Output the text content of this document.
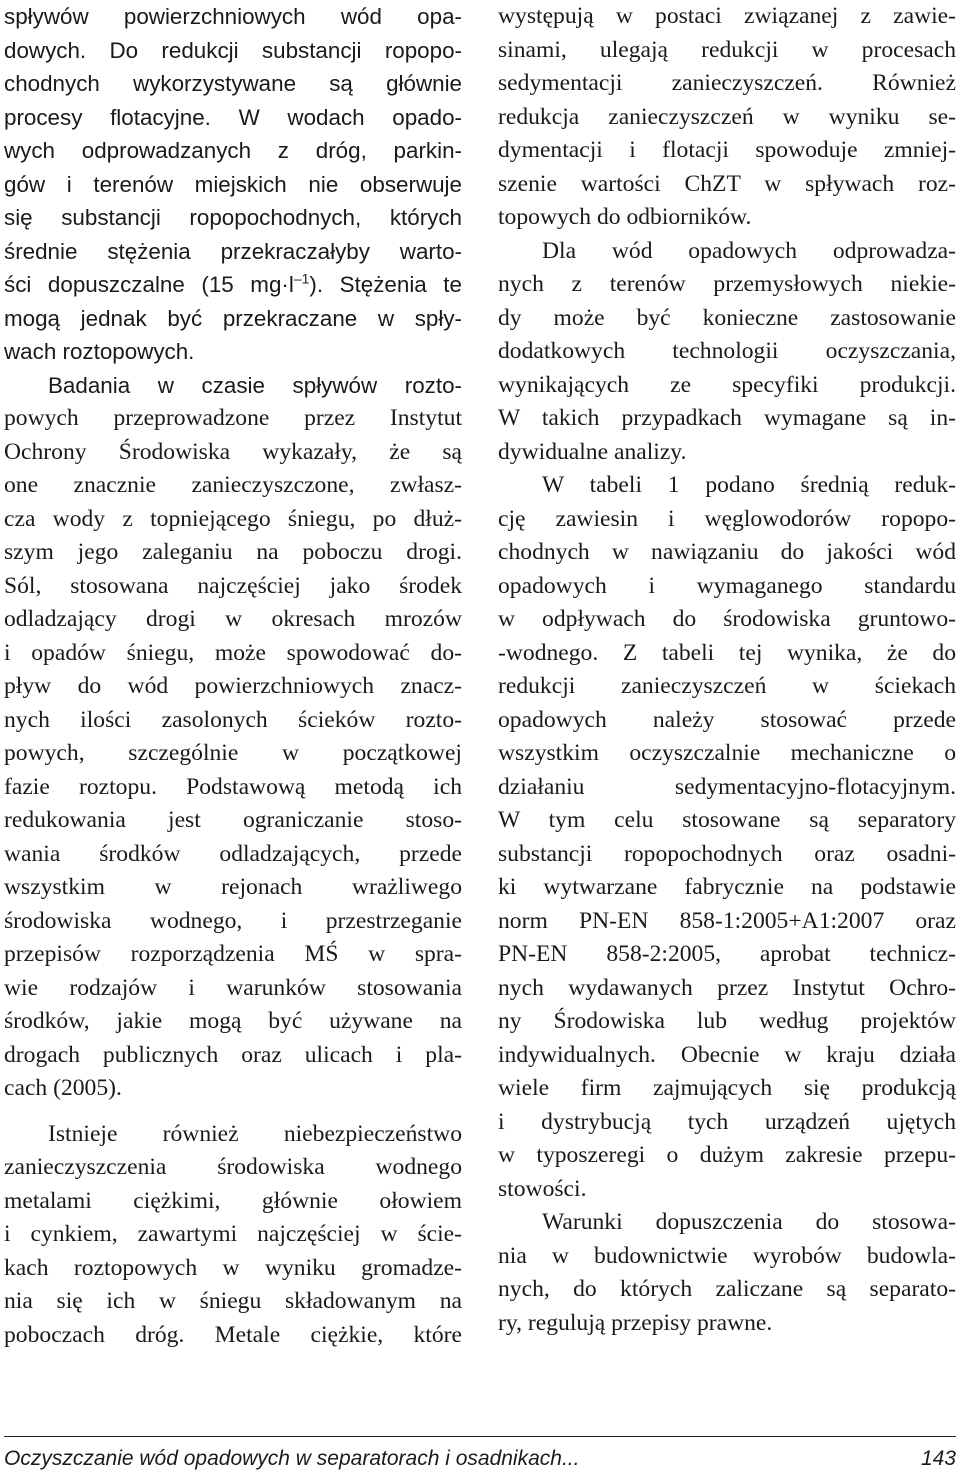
spływów powierzchniowych wód opa-
dowych. Do redukcji substancji ropopo-
chodnych wykorzystywane są głównie
procesy flotacyjne. W wodach opado-
wych odprowadzanych z dróg, parkin-
gów i terenów miejskich nie obserwuje
się substancji ropopochodnych, których
średnie stężenia przekraczałyby warto-
ści dopuszczalne (15 $mg\cdot l^{-1}$). Stężenia te
mogą jednak być przekraczane w spły-
wach roztopowych.
Badania w czasie spływów rozto-
powych przeprowadzone przez Instytut
Ochrony Środowiska wykazały, że są
one znacznie zanieczyszczone, zwłasz-
cza wody z topniejącego śniegu, po dłuż-
szym jego zaleganiu na poboczu drogi.
Sól, stosowana najczęściej jako środek
odladzający drogi w okresach mrozów
i opadów śniegu, może spowodować do-
pływ do wód powierzchniowych znacz-
nych ilości zasolonych ścieków rozto-
powych, szczególnie w początkowej
fazie roztopu. Podstawową metodą ich
redukowania jest ograniczanie stoso-
wania środków odladzających, przede
wszystkim w rejonach wrażliwego
środowiska wodnego, i przestrzeganie
przepisów rozporządzenia MŚ w spra-
wie rodzajów i warunków stosowania
środków, jakie mogą być używane na
drogach publicznych oraz ulicach i pla-
cach (2005).
Istnieje również niebezpieczeństwo
zanieczyszczenia środowiska wodnego
metalami ciężkimi, głównie ołowiem
i cynkiem, zawartymi najczęściej w ście-
kach roztopowych w wyniku gromadze-
nia się ich w śniegu składowanym na
poboczach dróg. Metale ciężkie, które
występują w postaci związanej z zawie-
sinami, ulegają redukcji w procesach
sedymentacji zanieczyszczeń. Również
redukcja zanieczyszczeń w wyniku se-
dymentacji i flotacji spowoduje zmniej-
szenie wartości ChZT w spływach roz-
topowych do odbiorników.
Dla wód opadowych odprowadza-
nych z terenów przemysłowych niekie-
dy może być konieczne zastosowanie
dodatkowych technologii oczyszczania,
wynikających ze specyfiki produkcji.
W takich przypadkach wymagane są in-
dywidualne analizy.
W tabeli 1 podano średnią reduk-
cję zawiesin i węglowodorów ropopo-
chodnych w nawiązaniu do jakości wód
opadowych i wymaganego standardu
w odpływach do środowiska gruntowo-
-wodnego. Z tabeli tej wynika, że do
redukcji zanieczyszczeń w ściekach
opadowych należy stosować przede
wszystkim oczyszczalnie mechaniczne o
działaniu sedymentacyjno-flotacyjnym.
W tym celu stosowane są separatory
substancji ropopochodnych oraz osadni-
ki wytwarzane fabrycznie na podstawie
norm PN-EN 858-1:2005+A1:2007 oraz
PN-EN 858-2:2005, aprobat technicz-
nych wydawanych przez Instytut Ochro-
ny Środowiska lub według projektów
indywidualnych. Obecnie w kraju działa
wiele firm zajmujących się produkcją
i dystrybucją tych urządzeń ujętych
w typoszeregi o dużym zakresie przepu-
stowości.
Warunki dopuszczenia do stosowa-
nia w budownictwie wyrobów budowla-
nych, do których zaliczane są separato-
ry, regulują przepisy prawne.
Oczyszczanie wód opadowych w separatorach i osadnikach...	143
